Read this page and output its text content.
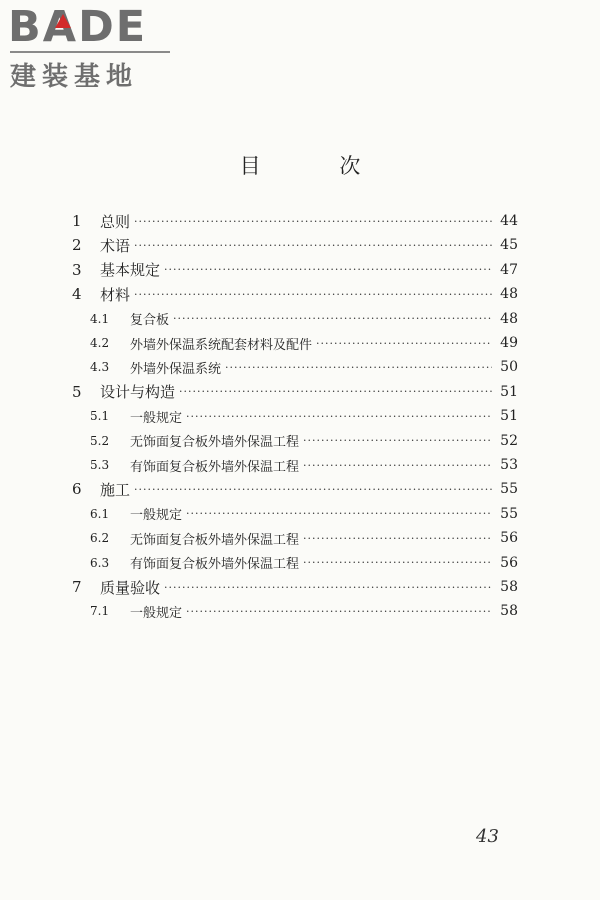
BA
DE
建装基地
目 次
1	总则 ·····	44
2	术语 ·····	45
3	基本规定 ·····	47
4	材料 ·····	48
4.1	复合板 ·····	48
4.2	外墙外保温系统配套材料及配件 ·····	49
4.3	外墙外保温系统 ·····	50
5	设计与构造 ·····	51
5.1	一般规定 ·····	51
5.2	无饰面复合板外墙外保温工程 ·····	52
5.3	有饰面复合板外墙外保温工程 ·····	53
6	施工 ·····	55
6.1	一般规定 ·····	55
6.2	无饰面复合板外墙外保温工程 ·····	56
6.3	有饰面复合板外墙外保温工程 ·····	56
7	质量验收 ·····	58
7.1	一般规定 ·····	58
43
